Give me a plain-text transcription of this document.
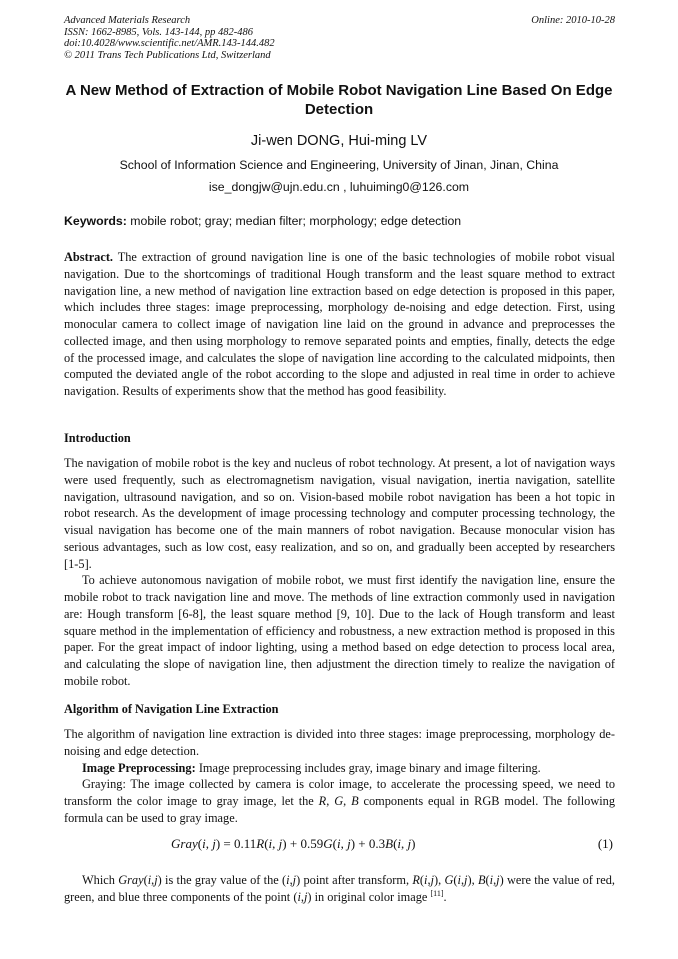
Advanced Materials Research
ISSN: 1662-8985, Vols. 143-144, pp 482-486
doi:10.4028/www.scientific.net/AMR.143-144.482
© 2011 Trans Tech Publications Ltd, Switzerland
Online: 2010-10-28
A New Method of Extraction of Mobile Robot Navigation Line Based On Edge Detection
Ji-wen DONG, Hui-ming LV
School of Information Science and Engineering, University of Jinan, Jinan, China
ise_dongjw@ujn.edu.cn , luhuiming0@126.com
Keywords: mobile robot; gray; median filter; morphology; edge detection
Abstract. The extraction of ground navigation line is one of the basic technologies of mobile robot visual navigation. Due to the shortcomings of traditional Hough transform and the least square method to extract navigation line, a new method of navigation line extraction based on edge detection is proposed in this paper, which includes three stages: image preprocessing, morphology de-noising and edge detection. First, using monocular camera to collect image of navigation line laid on the ground in advance and preprocesses the collected image, and then using morphology to remove separated points and empties, finally, detects the edge of the processed image, and calculates the slope of navigation line according to the calculated midpoints, then computed the deviated angle of the robot according to the slope and adjusted in real time in order to achieve navigation. Results of experiments show that the method has good feasibility.
Introduction
The navigation of mobile robot is the key and nucleus of robot technology. At present, a lot of navigation ways were used frequently, such as electromagnetism navigation, visual navigation, inertia navigation, satellite navigation, ultrasound navigation, and so on. Vision-based mobile robot navigation has been a hot topic in robot research. As the development of image processing technology and computer processing technology, the visual navigation has become one of the main manners of robot navigation. Because monocular vision has serious advantages, such as low cost, easy realization, and so on, and gradually been accepted by researchers [1-5].
To achieve autonomous navigation of mobile robot, we must first identify the navigation line, ensure the mobile robot to track navigation line and move. The methods of line extraction commonly used in navigation are: Hough transform [6-8], the least square method [9, 10]. Due to the lack of Hough transform and least square method in the implementation of efficiency and robustness, a new extraction method is proposed in this paper. For the great impact of indoor lighting, using a method based on edge detection to process local area, and calculating the slope of navigation line, then adjustment the direction timely to realize the navigation of mobile robot.
Algorithm of Navigation Line Extraction
The algorithm of navigation line extraction is divided into three stages: image preprocessing, morphology de-noising and edge detection.
Image Preprocessing: Image preprocessing includes gray, image binary and image filtering.
Graying: The image collected by camera is color image, to accelerate the processing speed, we need to transform the color image to gray image, let the R, G, B components equal in RGB model. The following formula can be used to gray image.
Gray(i, j) = 0.11R(i, j) + 0.59G(i, j) + 0.3B(i, j)	(1)
Which Gray(i,j) is the gray value of the (i,j) point after transform, R(i,j), G(i,j), B(i,j) were the value of red, green, and blue three components of the point (i,j) in original color image [11].
